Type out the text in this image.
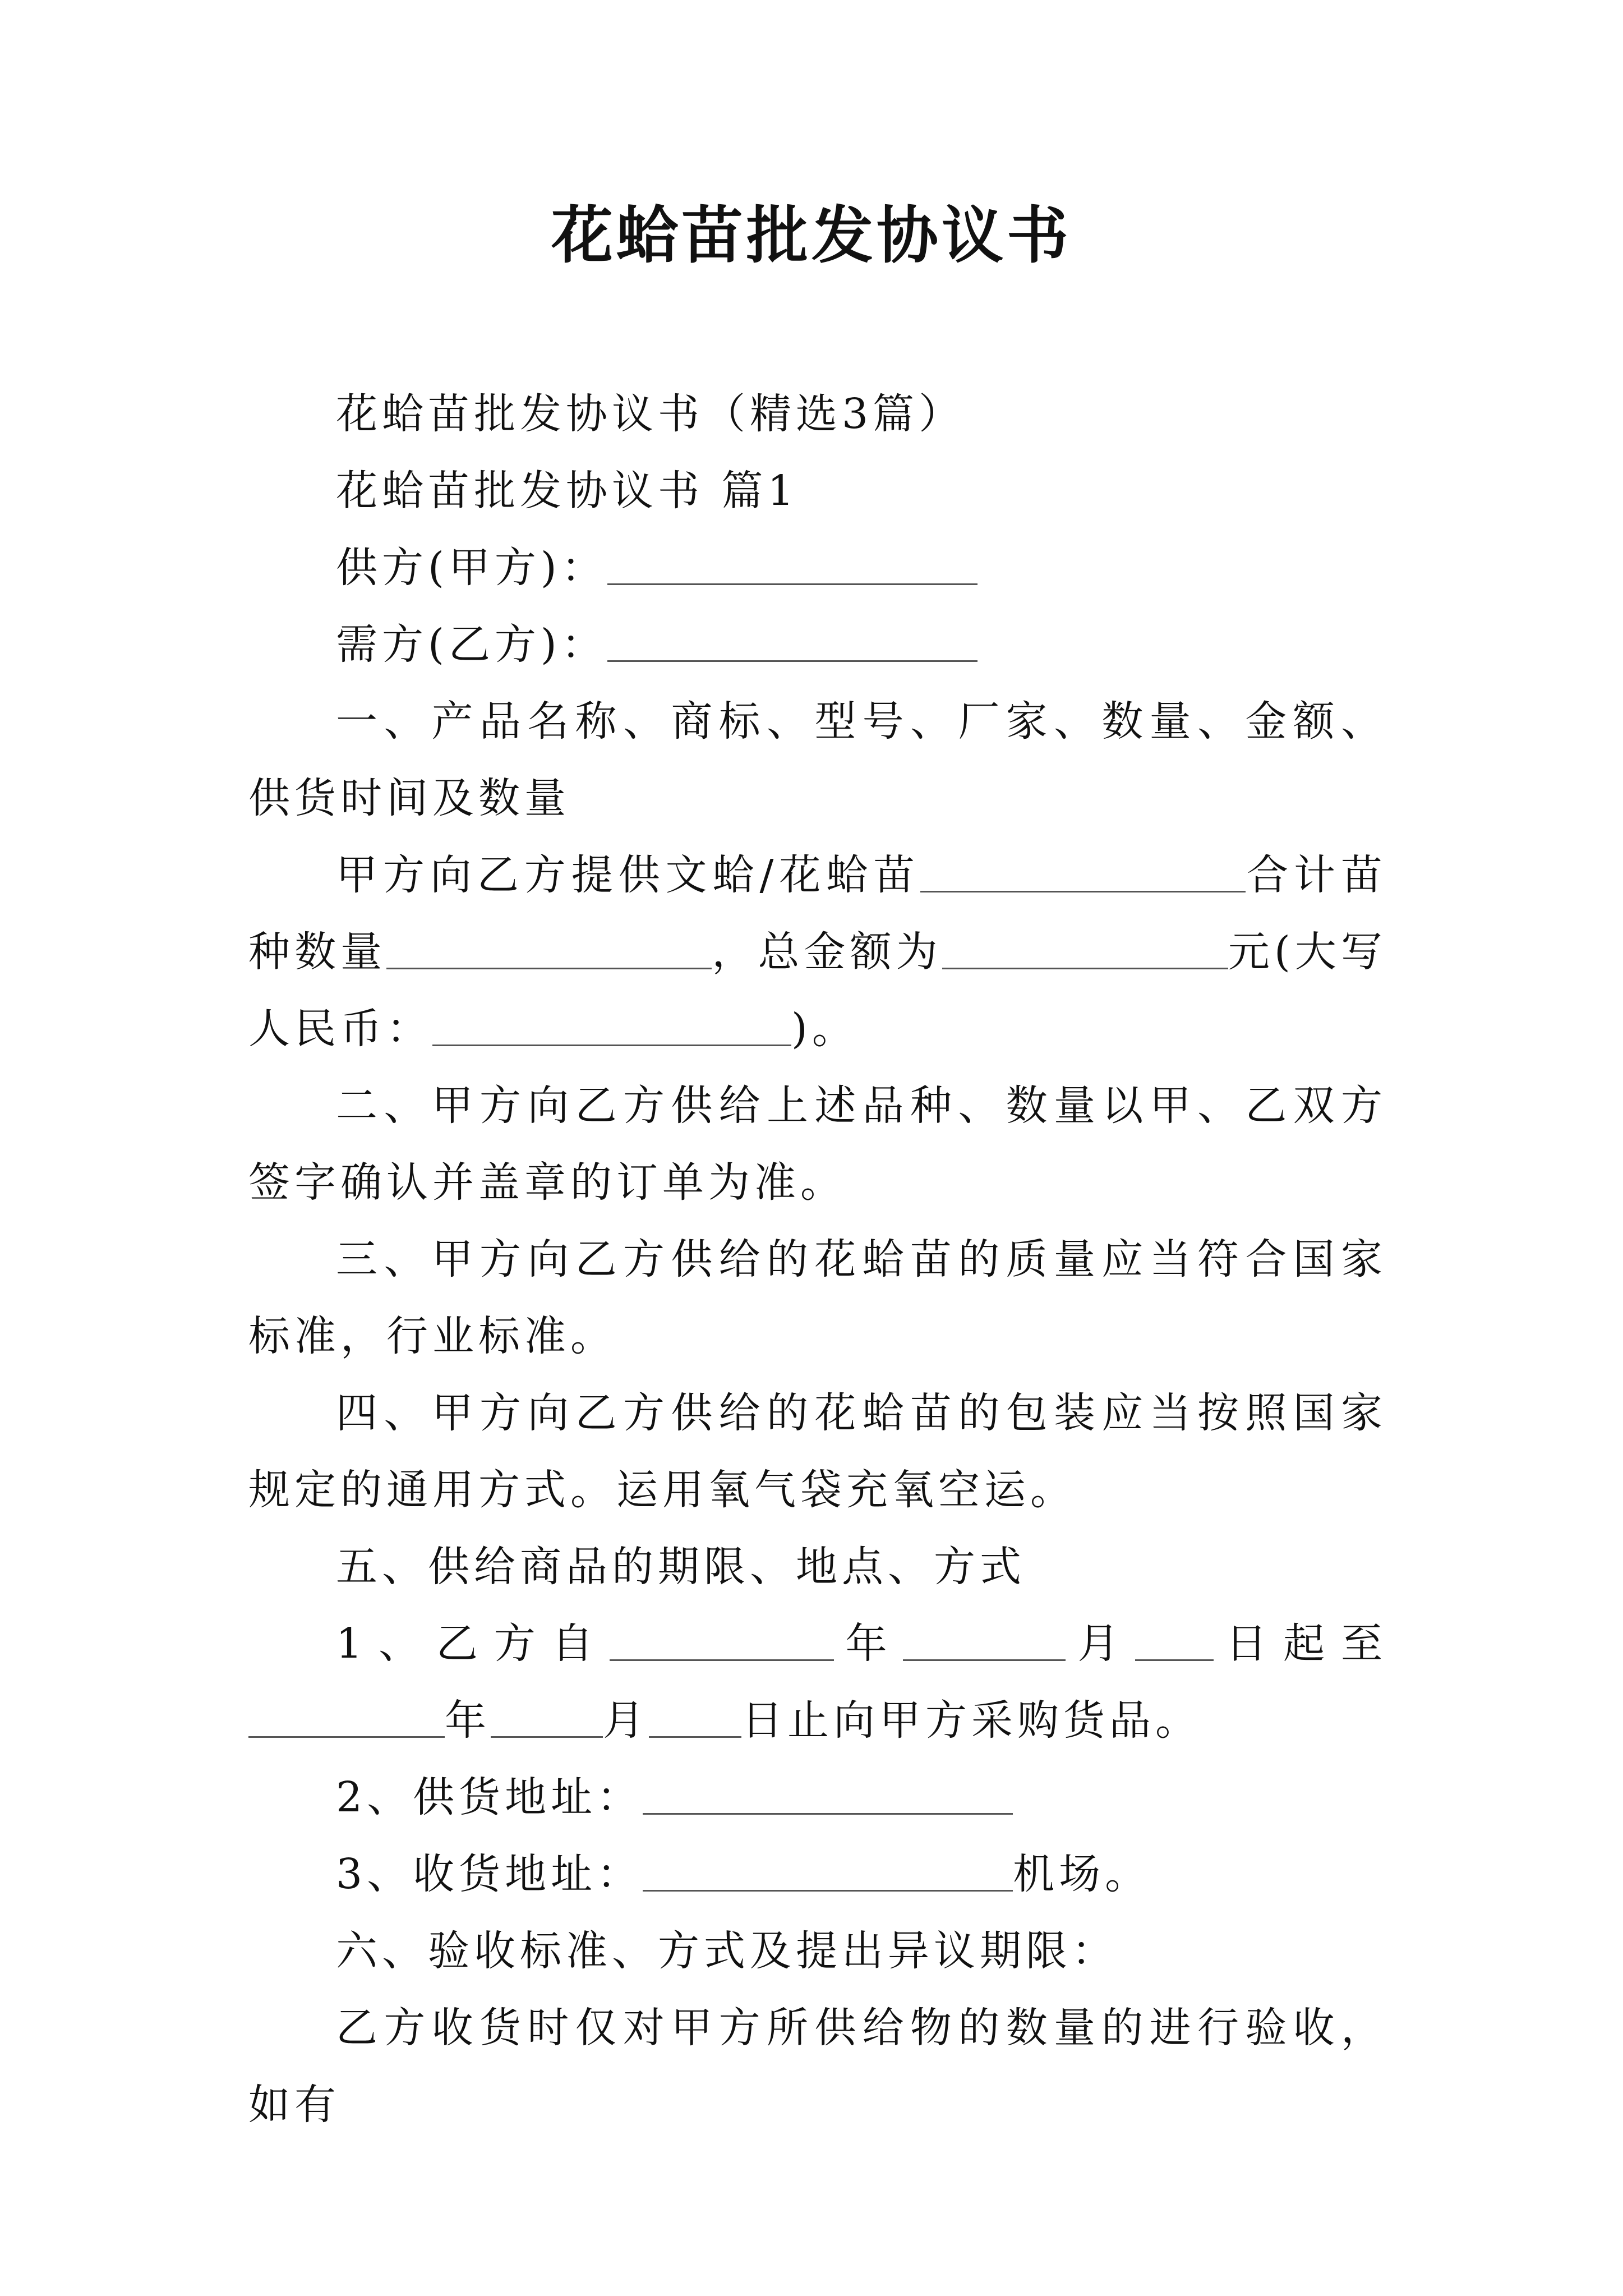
花蛤苗批发协议书

花蛤苗批发协议书（精选3篇）

花蛤苗批发协议书 篇1

供方(甲方)：

需方(乙方)：

一、产品名称、商标、型号、厂家、数量、金额、供货时间及数量

甲方向乙方提供文蛤/花蛤苗	合计苗种数量	，总金额为	元(大写人民币：	)。

二、甲方向乙方供给上述品种、数量以甲、乙双方签字确认并盖章的订单为准。

三、甲方向乙方供给的花蛤苗的质量应当符合国家标准，行业标准。

四、甲方向乙方供给的花蛤苗的包装应当按照国家规定的通用方式。运用氧气袋充氧空运。

五、供给商品的期限、地点、方式

1、乙方自	年	月 日起至年	月 日止向甲方采购货品。

2、供货地址：

3、收货地址：	机场。

六、验收标准、方式及提出异议期限：

乙方收货时仅对甲方所供给物的数量的进行验收，如有
